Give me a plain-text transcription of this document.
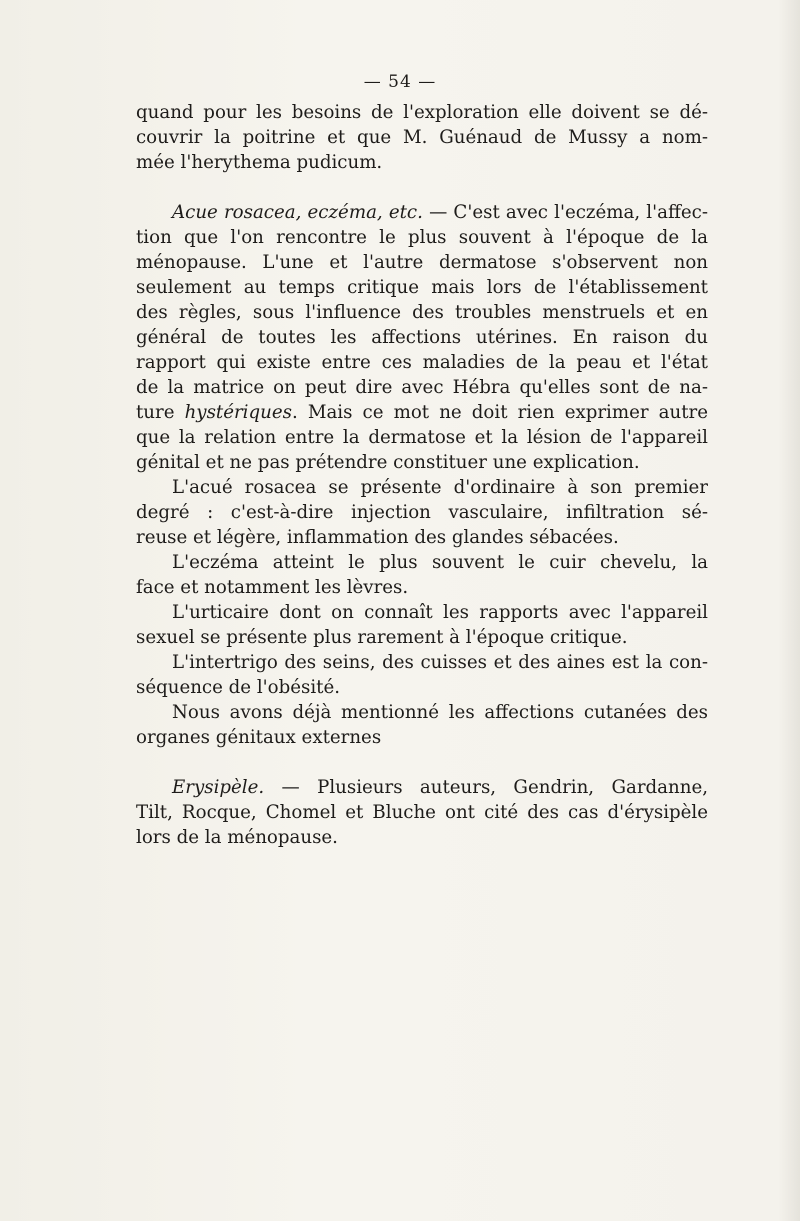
— 54 —
quand pour les besoins de l'exploration elle doivent se dé-
couvrir la poitrine et que M. Guénaud de Mussy a nom-
mée l'herythema pudicum.
Acue rosacea, eczéma, etc. — C'est avec l'eczéma, l'affec-
tion que l'on rencontre le plus souvent à l'époque de la
ménopause. L'une et l'autre dermatose s'observent non
seulement au temps critique mais lors de l'établissement
des règles, sous l'influence des troubles menstruels et en
général de toutes les affections utérines. En raison du
rapport qui existe entre ces maladies de la peau et l'état
de la matrice on peut dire avec Hébra qu'elles sont de na-
ture hystériques. Mais ce mot ne doit rien exprimer autre
que la relation entre la dermatose et la lésion de l'appareil
génital et ne pas prétendre constituer une explication.
L'acué rosacea se présente d'ordinaire à son premier
degré : c'est-à-dire injection vasculaire, infiltration sé-
reuse et légère, inflammation des glandes sébacées.
L'eczéma atteint le plus souvent le cuir chevelu, la
face et notamment les lèvres.
L'urticaire dont on connaît les rapports avec l'appareil
sexuel se présente plus rarement à l'époque critique.
L'intertrigo des seins, des cuisses et des aines est la con-
séquence de l'obésité.
Nous avons déjà mentionné les affections cutanées des
organes génitaux externes
Erysipèle. — Plusieurs auteurs, Gendrin, Gardanne,
Tilt, Rocque, Chomel et Bluche ont cité des cas d'érysipèle
lors de la ménopause.
